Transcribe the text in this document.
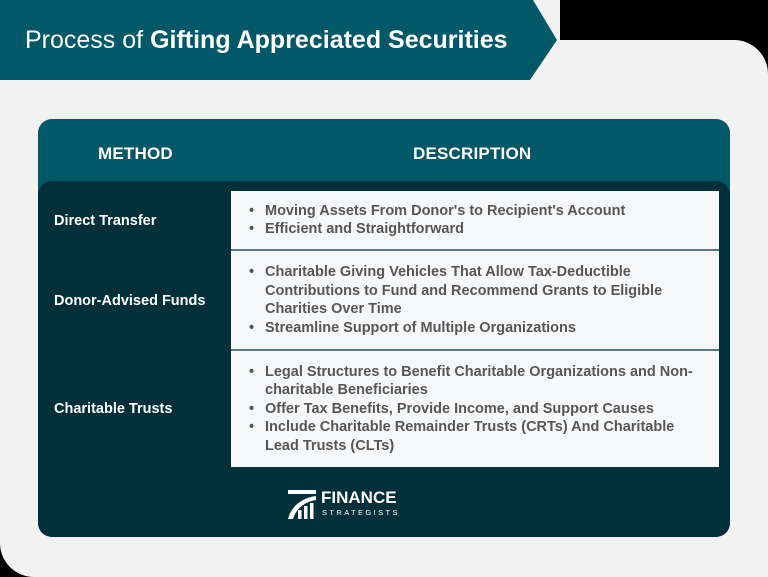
Process of Gifting Appreciated Securities
METHOD	DESCRIPTION
Direct Transfer
• Moving Assets From Donor's to Recipient's Account
• Efficient and Straightforward
Donor-Advised Funds
• Charitable Giving Vehicles That Allow Tax-Deductible Contributions to Fund and Recommend Grants to Eligible Charities Over Time
• Streamline Support of Multiple Organizations
Charitable Trusts
• Legal Structures to Benefit Charitable Organizations and Non-charitable Beneficiaries
• Offer Tax Benefits, Provide Income, and Support Causes
• Include Charitable Remainder Trusts (CRTs) And Charitable Lead Trusts (CLTs)
FINANCE
STRATEGISTS
